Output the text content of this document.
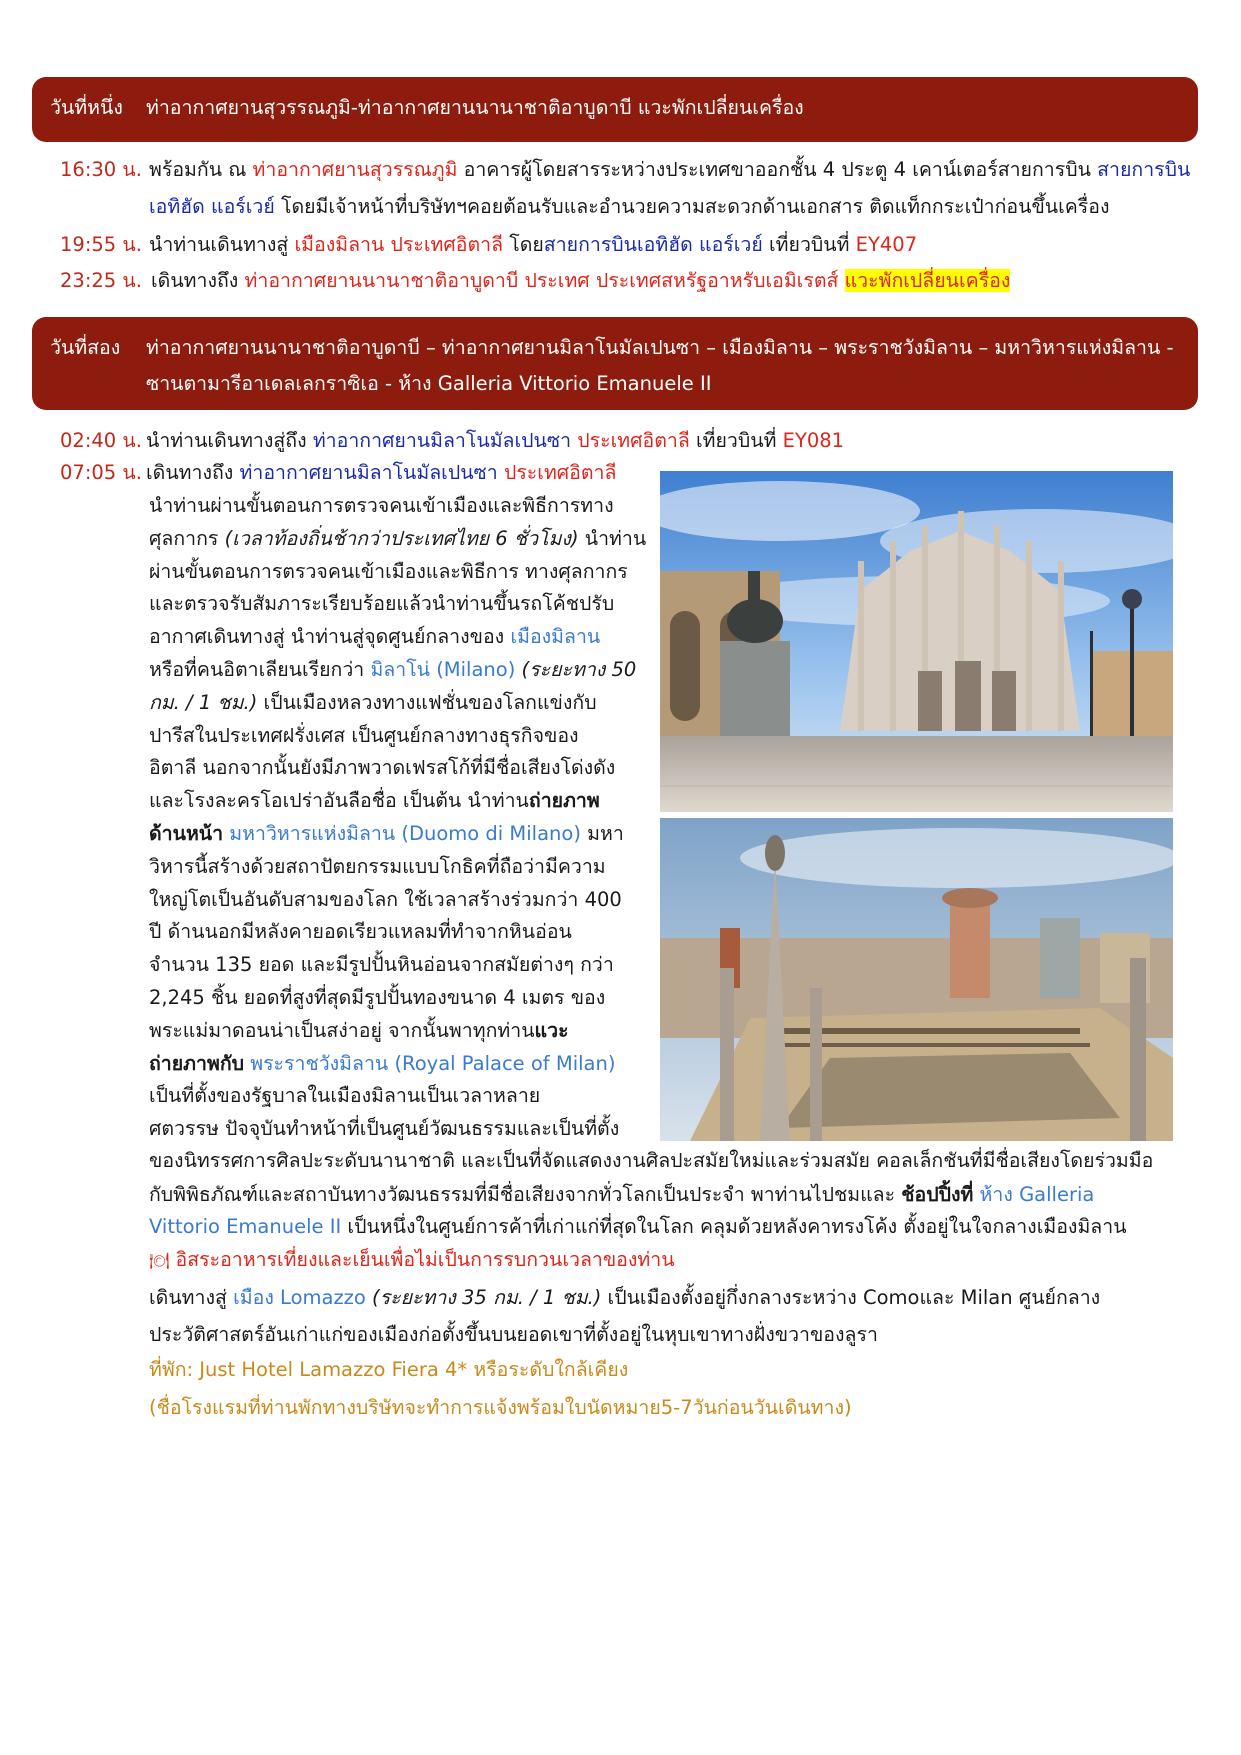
วันที่หนึ่ง ท่าอากาศยานสุวรรณภูมิ-ท่าอากาศยานนานาชาติอาบูดาบี แวะพักเปลี่ยนเครื่อง
16:30 น. พร้อมกัน ณ ท่าอากาศยานสุวรรณภูมิ อาคารผู้โดยสารระหว่างประเทศขาออกชั้น 4 ประตู 4 เคาน์เตอร์สายการบิน สายการบิน
เอทิฮัด แอร์เวย์ โดยมีเจ้าหน้าที่บริษัทฯคอยต้อนรับและอำนวยความสะดวกด้านเอกสาร ติดแท็กกระเป๋าก่อนขึ้นเครื่อง
19:55 น. นำท่านเดินทางสู่ เมืองมิลาน ประเทศอิตาลี โดยสายการบินเอทิฮัด แอร์เวย์ เที่ยวบินที่ EY407
23:25 น. เดินทางถึง ท่าอากาศยานนานาชาติอาบูดาบี ประเทศ ประเทศสหรัฐอาหรับเอมิเรตส์ แวะพักเปลี่ยนเครื่อง
วันที่สอง ท่าอากาศยานนานาชาติอาบูดาบี – ท่าอากาศยานมิลาโนมัลเปนซา – เมืองมิลาน – พระราชวังมิลาน – มหาวิหารแห่งมิลาน -
ซานตามารีอาเดลเลกราซิเอ - ห้าง Galleria Vittorio Emanuele II
02:40 น. นำท่านเดินทางสู่ถึง ท่าอากาศยานมิลาโนมัลเปนซา ประเทศอิตาลี เที่ยวบินที่ EY081
07:05 น. เดินทางถึง ท่าอากาศยานมิลาโนมัลเปนซา ประเทศอิตาลี
นำท่านผ่านขั้นตอนการตรวจคนเข้าเมืองและพิธีการทาง
ศุลกากร (เวลาท้องถิ่นช้ากว่าประเทศไทย 6 ชั่วโมง) นำท่าน
ผ่านขั้นตอนการตรวจคนเข้าเมืองและพิธีการ ทางศุลกากร
และตรวจรับสัมภาระเรียบร้อยแล้วนำท่านขึ้นรถโค้ชปรับ
อากาศเดินทางสู่ นำท่านสู่จุดศูนย์กลางของ เมืองมิลาน
หรือที่คนอิตาเลียนเรียกว่า มิลาโน่ (Milano) (ระยะทาง 50
กม. / 1 ชม.) เป็นเมืองหลวงทางแฟชั่นของโลกแข่งกับ
ปารีสในประเทศฝรั่งเศส เป็นศูนย์กลางทางธุรกิจของ
อิตาลี นอกจากนั้นยังมีภาพวาดเฟรสโก้ที่มีชื่อเสียงโด่งดัง
และโรงละครโอเปร่าอันลือชื่อ เป็นต้น นำท่านถ่ายภาพ
ด้านหน้า มหาวิหารแห่งมิลาน (Duomo di Milano) มหา
วิหารนี้สร้างด้วยสถาปัตยกรรมแบบโกธิคที่ถือว่ามีความ
ใหญ่โตเป็นอันดับสามของโลก ใช้เวลาสร้างร่วมกว่า 400
ปี ด้านนอกมีหลังคายอดเรียวแหลมที่ทำจากหินอ่อน
จำนวน 135 ยอด และมีรูปปั้นหินอ่อนจากสมัยต่างๆ กว่า
2,245 ชิ้น ยอดที่สูงที่สุดมีรูปปั้นทองขนาด 4 เมตร ของ
พระแม่มาดอนน่าเป็นสง่าอยู่ จากนั้นพาทุกท่านแวะ
ถ่ายภาพกับ พระราชวังมิลาน (Royal Palace of Milan)
เป็นที่ตั้งของรัฐบาลในเมืองมิลานเป็นเวลาหลาย
ศตวรรษ ปัจจุบันทำหน้าที่เป็นศูนย์วัฒนธรรมและเป็นที่ตั้ง
ของนิทรรศการศิลปะระดับนานาชาติ และเป็นที่จัดแสดงงานศิลปะสมัยใหม่และร่วมสมัย คอลเล็กชันที่มีชื่อเสียงโดยร่วมมือ
กับพิพิธภัณฑ์และสถาบันทางวัฒนธรรมที่มีชื่อเสียงจากทั่วโลกเป็นประจำ พาท่านไปชมและ ช้อปปิ้งที่ ห้าง Galleria
Vittorio Emanuele II เป็นหนึ่งในศูนย์การค้าที่เก่าแก่ที่สุดในโลก คลุมด้วยหลังคาทรงโค้ง ตั้งอยู่ในใจกลางเมืองมิลาน
🍽 อิสระอาหารเที่ยงและเย็นเพื่อไม่เป็นการรบกวนเวลาของท่าน
เดินทางสู่ เมือง Lomazzo (ระยะทาง 35 กม. / 1 ชม.) เป็นเมืองตั้งอยู่กึ่งกลางระหว่าง Comoและ Milan ศูนย์กลาง
ประวัติศาสตร์อันเก่าแก่ของเมืองก่อตั้งขึ้นบนยอดเขาที่ตั้งอยู่ในหุบเขาทางฝั่งขวาของลูรา
ที่พัก: Just Hotel Lamazzo Fiera 4* หรือระดับใกล้เคียง
(ชื่อโรงแรมที่ท่านพักทางบริษัทจะทำการแจ้งพร้อมใบนัดหมาย5-7วันก่อนวันเดินทาง)
